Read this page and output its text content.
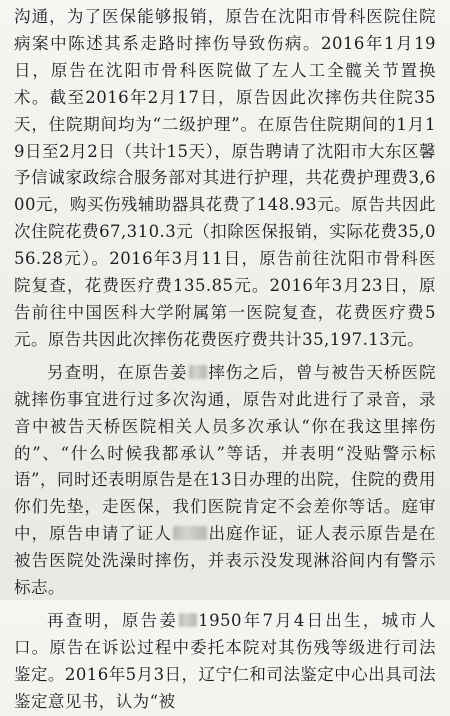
沟通，为了医保能够报销，原告在沈阳市骨科医院住院病案中陈述其系走路时摔伤导致伤病。2016年1月19日，原告在沈阳市骨科医院做了左人工全髋关节置换术。截至2016年2月17日，原告因此次摔伤共住院35天，住院期间均为“二级护理”。在原告住院期间的1月19日至2月2日（共计15天），原告聘请了沈阳市大东区馨予信诚家政综合服务部对其进行护理，共花费护理费3,600元，购买伤残辅助器具花费了148.93元。原告共因此次住院花费67,310.3元（扣除医保报销，实际花费35,056.28元）。2016年3月11日，原告前往沈阳市骨科医院复查，花费医疗费135.85元。2016年3月23日，原告前往中国医科大学附属第一医院复查，花费医疗费5元。原告共因此次摔伤花费医疗费共计35,197.13元。

另查明，在原告姜 摔伤之后，曾与被告天桥医院就摔伤事宜进行过多次沟通，原告对此进行了录音，录音中被告天桥医院相关人员多次承认“你在我这里摔伤的”、“什么时候我都承认”等话，并表明“没贴警示标语”，同时还表明原告是在13日办理的出院，住院的费用你们先垫，走医保，我们医院肯定不会差你等话。庭审中，原告申请了证人 出庭作证，证人表示原告是在被告医院处洗澡时摔伤，并表示没发现淋浴间内有警示标志。

再查明，原告姜 1950年7月4日出生，城市人口。原告在诉讼过程中委托本院对其伤残等级进行司法鉴定。2016年5月3日，辽宁仁和司法鉴定中心出具司法鉴定意见书，认为“被
